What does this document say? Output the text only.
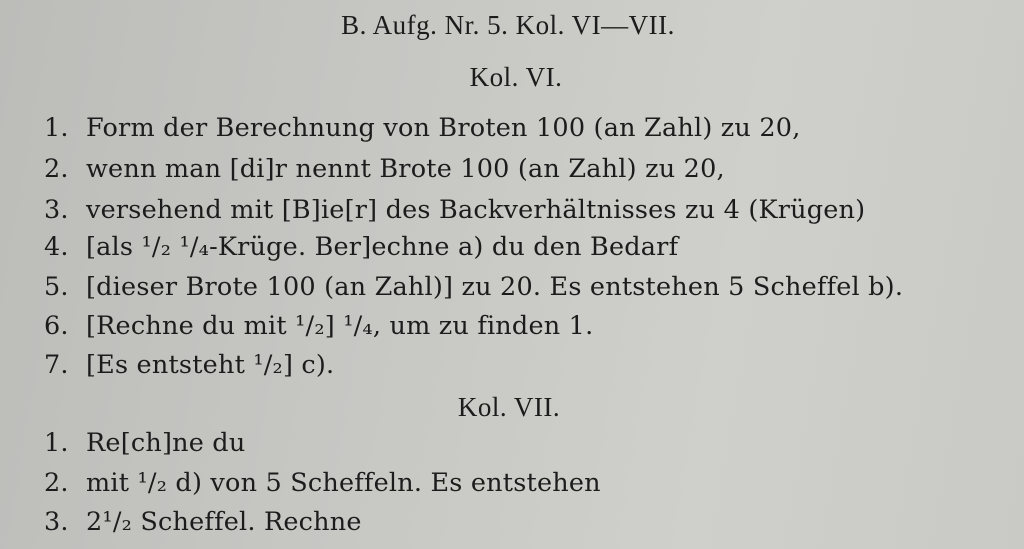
B. Aufg. Nr. 5. Kol. VI—VII.
Kol. VI.
1. Form der Berechnung von Broten 100 (an Zahl) zu 20,
2. wenn man [di]r nennt Brote 100 (an Zahl) zu 20,
3. versehend mit [B]ie[r] des Backverhältnisses zu 4 (Krügen)
4. [als ¹/₂ ¹/₄-Krüge. Ber]echne a) du den Bedarf
5. [dieser Brote 100 (an Zahl)] zu 20. Es entstehen 5 Scheffel b).
6. [Rechne du mit ¹/₂] ¹/₄, um zu finden 1.
7. [Es entsteht ¹/₂] c).
Kol. VII.
1. Re[ch]ne du
2. mit ¹/₂ d) von 5 Scheffeln. Es entstehen
3. 2¹/₂ Scheffel. Rechne
